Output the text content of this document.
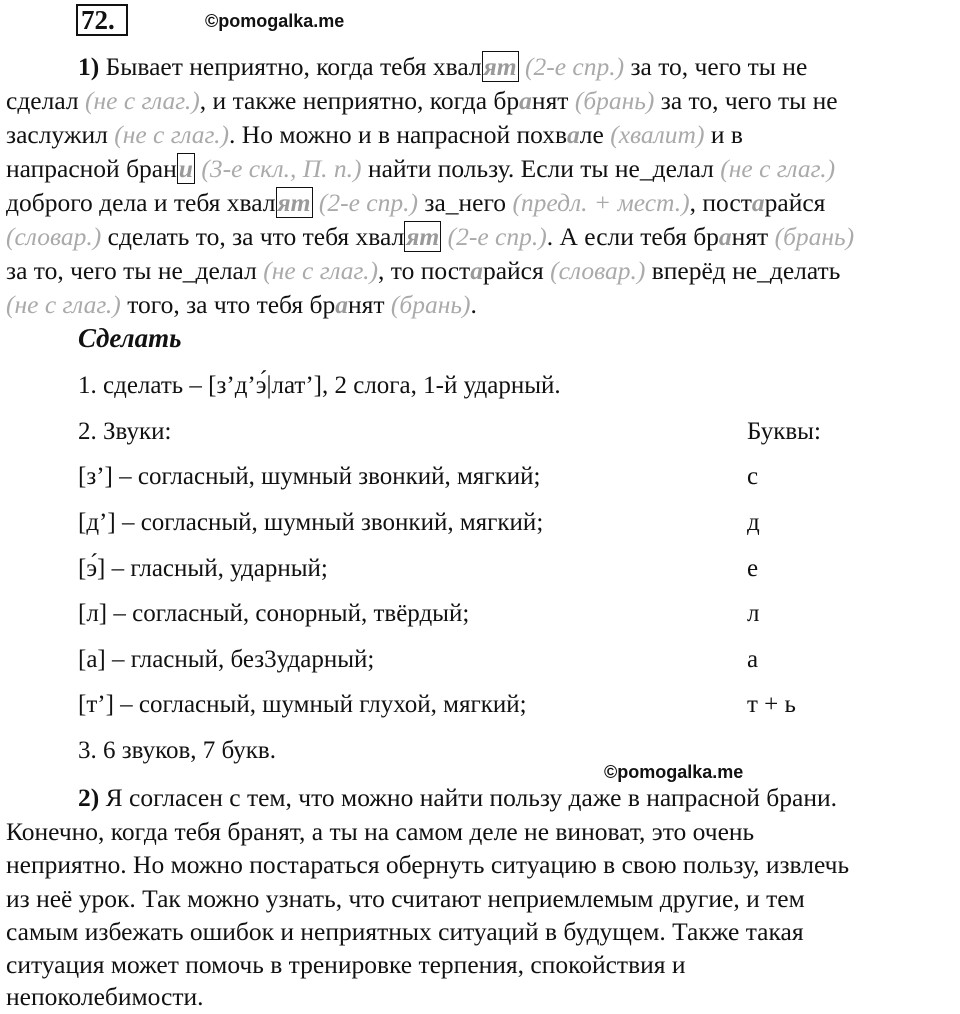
72.	©pomogalka.me
1) Бывает неприятно, когда тебя хвалят (2-е спр.) за то, чего ты не
сделал (не с глаг.), и также неприятно, когда бранят (брань) за то, чего ты не
заслужил (не с глаг.). Но можно и в напрасной похвале (хвалит) и в
напрасной брани (3-е скл., П. п.) найти пользу. Если ты не_делал (не с глаг.)
доброго дела и тебя хвалят (2-е спр.) за_него (предл. + мест.), постарайся
(словар.) сделать то, за что тебя хвалят (2-е спр.). А если тебя бранят (брань)
за то, чего ты не_делал (не с глаг.), то постарайся (словар.) вперёд не_делать
(не с глаг.) того, за что тебя бранят (брань).
Сделать
1. сделать – [з’д’э́|лат’], 2 слога, 1-й ударный.
2. Звуки:	Буквы:
[з’] – согласный, шумный звонкий, мягкий;	с
[д’] – согласный, шумный звонкий, мягкий;	д
[э́] – гласный, ударный;	е
[л] – согласный, сонорный, твёрдый;	л
[а] – гласный, без3ударный;	а
[т’] – согласный, шумный глухой, мягкий;	т + ь
3. 6 звуков, 7 букв.
©pomogalka.me
2) Я согласен с тем, что можно найти пользу даже в напрасной брани.
Конечно, когда тебя бранят, а ты на самом деле не виноват, это очень
неприятно. Но можно постараться обернуть ситуацию в свою пользу, извлечь
из неё урок. Так можно узнать, что считают неприемлемым другие, и тем
самым избежать ошибок и неприятных ситуаций в будущем. Также такая
ситуация может помочь в тренировке терпения, спокойствия и
непоколебимости.
